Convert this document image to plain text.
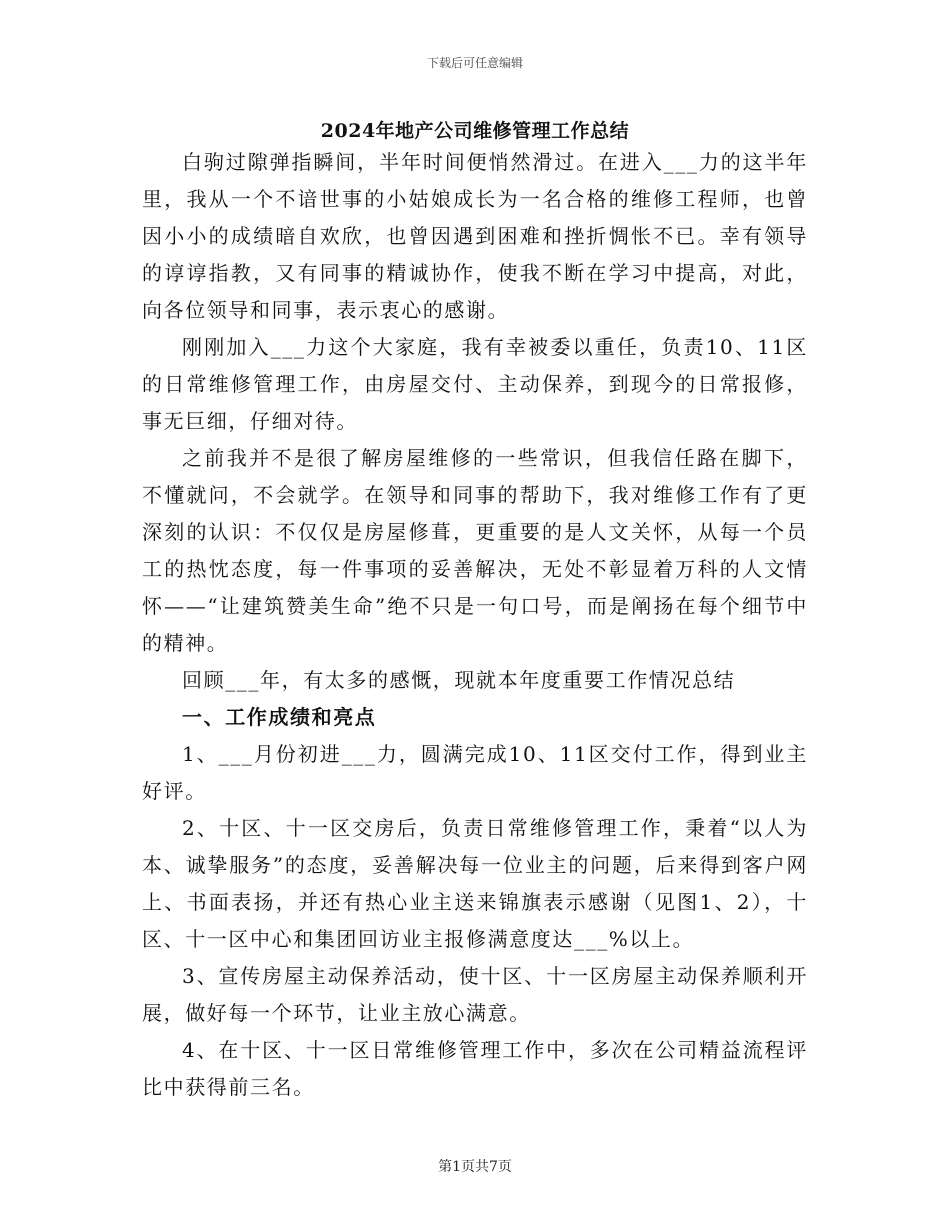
下载后可任意编辑
2024年地产公司维修管理工作总结

白驹过隙弹指瞬间，半年时间便悄然滑过。在进入___力的这半年里，我从一个不谙世事的小姑娘成长为一名合格的维修工程师，也曾因小小的成绩暗自欢欣，也曾因遇到困难和挫折惆怅不已。幸有领导的谆谆指教，又有同事的精诚协作，使我不断在学习中提高，对此，向各位领导和同事，表示衷心的感谢。

刚刚加入___力这个大家庭，我有幸被委以重任，负责10、11区的日常维修管理工作，由房屋交付、主动保养，到现今的日常报修，事无巨细，仔细对待。

之前我并不是很了解房屋维修的一些常识，但我信任路在脚下，不懂就问，不会就学。在领导和同事的帮助下，我对维修工作有了更深刻的认识：不仅仅是房屋修葺，更重要的是人文关怀，从每一个员工的热忱态度，每一件事项的妥善解决，无处不彰显着万科的人文情怀——“让建筑赞美生命”绝不只是一句口号，而是阐扬在每个细节中的精神。

回顾___年，有太多的感慨，现就本年度重要工作情况总结

一、工作成绩和亮点

1、___月份初进___力，圆满完成10、11区交付工作，得到业主好评。

2、十区、十一区交房后，负责日常维修管理工作，秉着“以人为本、诚挚服务”的态度，妥善解决每一位业主的问题，后来得到客户网上、书面表扬，并还有热心业主送来锦旗表示感谢（见图1、2），十区、十一区中心和集团回访业主报修满意度达___%以上。

3、宣传房屋主动保养活动，使十区、十一区房屋主动保养顺利开展，做好每一个环节，让业主放心满意。

4、在十区、十一区日常维修管理工作中，多次在公司精益流程评比中获得前三名。

第1页共7页
